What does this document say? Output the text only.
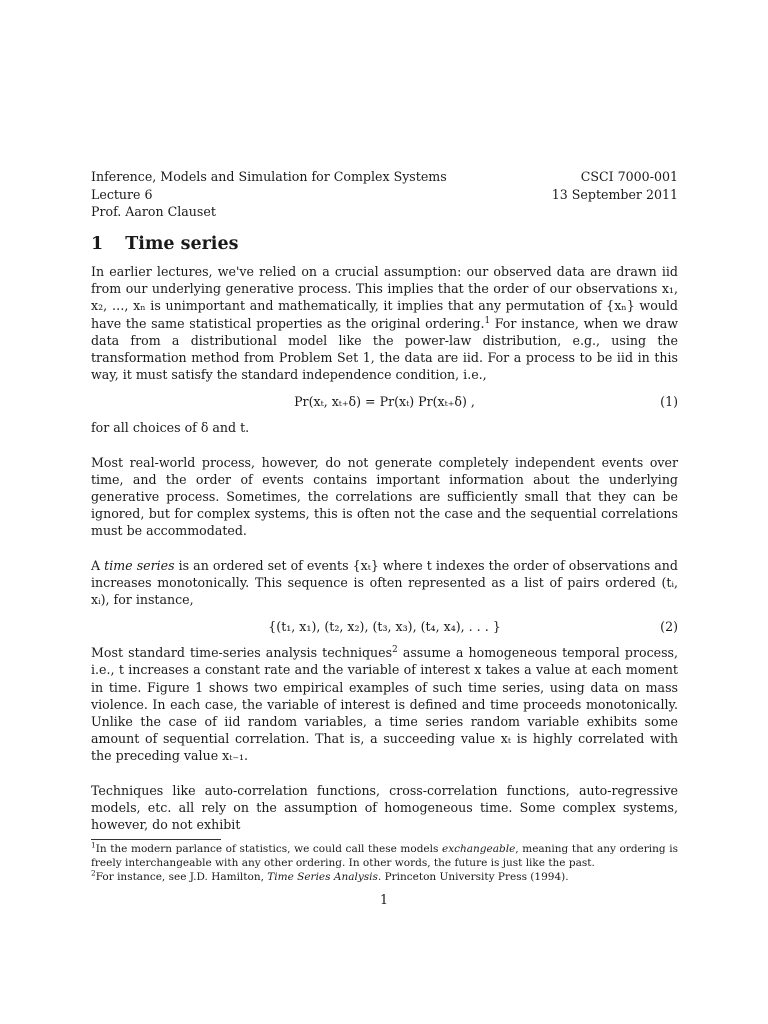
Inference, Models and Simulation for Complex Systems
Lecture 6
Prof. Aaron Clauset
CSCI 7000-001
13 September 2011
1 Time series

In earlier lectures, we've relied on a crucial assumption: our observed data are drawn iid from our underlying generative process. This implies that the order of our observations x₁, x₂, …, xₙ is unimportant and mathematically, it implies that any permutation of {xₙ} would have the same statistical properties as the original ordering.$^1$ For instance, when we draw data from a distributional model like the power-law distribution, e.g., using the transformation method from Problem Set 1, the data are iid. For a process to be iid in this way, it must satisfy the standard independence condition, i.e.,

Pr(xₜ, xₜ₊δ) = Pr(xₜ) Pr(xₜ₊δ) ,	(1)

for all choices of δ and t.

Most real-world process, however, do not generate completely independent events over time, and the order of events contains important information about the underlying generative process. Sometimes, the correlations are sufficiently small that they can be ignored, but for complex systems, this is often not the case and the sequential correlations must be accommodated.

A time series is an ordered set of events {xₜ} where t indexes the order of observations and increases monotonically. This sequence is often represented as a list of pairs ordered (tᵢ, xᵢ), for instance,

{(t₁, x₁), (t₂, x₂), (t₃, x₃), (t₄, x₄), . . . }	(2)

Most standard time-series analysis techniques$^2$ assume a homogeneous temporal process, i.e., t increases a constant rate and the variable of interest x takes a value at each moment in time. Figure 1 shows two empirical examples of such time series, using data on mass violence. In each case, the variable of interest is defined and time proceeds monotonically. Unlike the case of iid random variables, a time series random variable exhibits some amount of sequential correlation. That is, a succeeding value xₜ is highly correlated with the preceding value xₜ₋₁.

Techniques like auto-correlation functions, cross-correlation functions, auto-regressive models, etc. all rely on the assumption of homogeneous time. Some complex systems, however, do not exhibit

$^1$In the modern parlance of statistics, we could call these models exchangeable, meaning that any ordering is freely interchangeable with any other ordering. In other words, the future is just like the past.
$^2$For instance, see J.D. Hamilton, Time Series Analysis. Princeton University Press (1994).
1
